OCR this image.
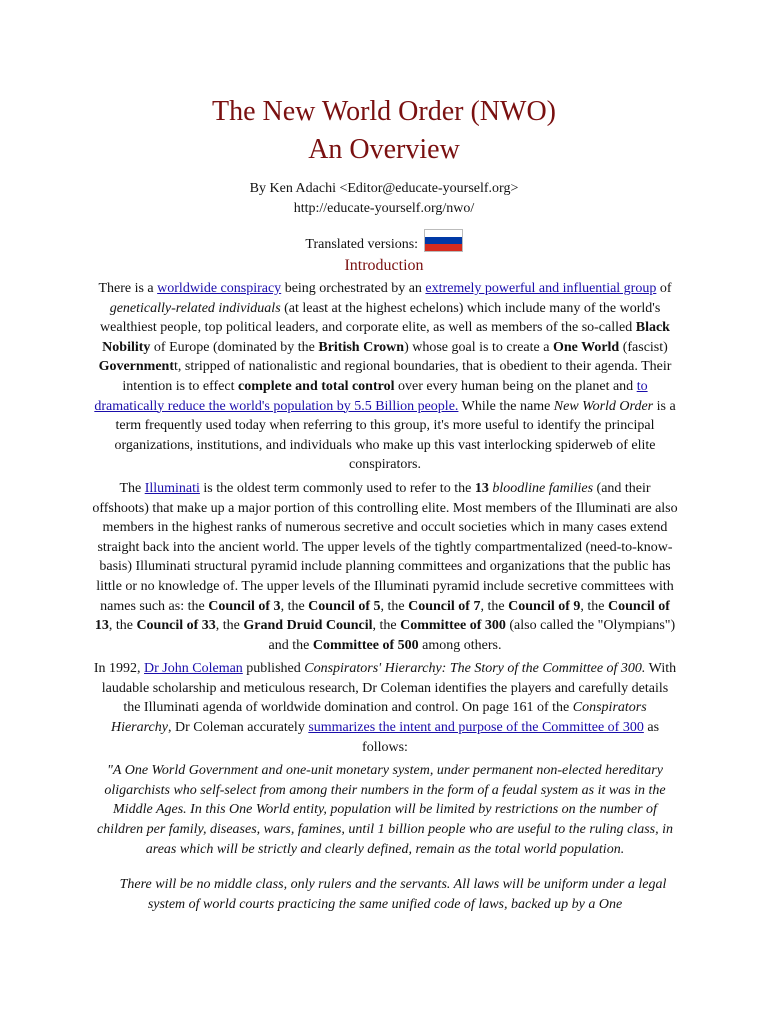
The New World Order (NWO)
An Overview
By Ken Adachi <Editor@educate-yourself.org>
http://educate-yourself.org/nwo/
Translated versions:
Introduction

There is a worldwide conspiracy being orchestrated by an extremely powerful and influential group of genetically-related individuals (at least at the highest echelons) which include many of the world's wealthiest people, top political leaders, and corporate elite, as well as members of the so-called Black Nobility of Europe (dominated by the British Crown) whose goal is to create a One World (fascist) Governmentt, stripped of nationalistic and regional boundaries, that is obedient to their agenda. Their intention is to effect complete and total control over every human being on the planet and to dramatically reduce the world's population by 5.5 Billion people. While the name New World Order is a term frequently used today when referring to this group, it's more useful to identify the principal organizations, institutions, and individuals who make up this vast interlocking spiderweb of elite conspirators.

The Illuminati is the oldest term commonly used to refer to the 13 bloodline families (and their offshoots) that make up a major portion of this controlling elite. Most members of the Illuminati are also members in the highest ranks of numerous secretive and occult societies which in many cases extend straight back into the ancient world. The upper levels of the tightly compartmentalized (need-to-know-basis) Illuminati structural pyramid include planning committees and organizations that the public has little or no knowledge of. The upper levels of the Illuminati pyramid include secretive committees with names such as: the Council of 3, the Council of 5, the Council of 7, the Council of 9, the Council of 13, the Council of 33, the Grand Druid Council, the Committee of 300 (also called the "Olympians") and the Committee of 500 among others.

In 1992, Dr John Coleman published Conspirators' Hierarchy: The Story of the Committee of 300. With laudable scholarship and meticulous research, Dr Coleman identifies the players and carefully details the Illuminati agenda of worldwide domination and control. On page 161 of the Conspirators Hierarchy, Dr Coleman accurately summarizes the intent and purpose of the Committee of 300 as follows:

"A One World Government and one-unit monetary system, under permanent non-elected hereditary oligarchists who self-select from among their numbers in the form of a feudal system as it was in the Middle Ages. In this One World entity, population will be limited by restrictions on the number of children per family, diseases, wars, famines, until 1 billion people who are useful to the ruling class, in areas which will be strictly and clearly defined, remain as the total world population.

There will be no middle class, only rulers and the servants. All laws will be uniform under a legal system of world courts practicing the same unified code of laws, backed up by a One
